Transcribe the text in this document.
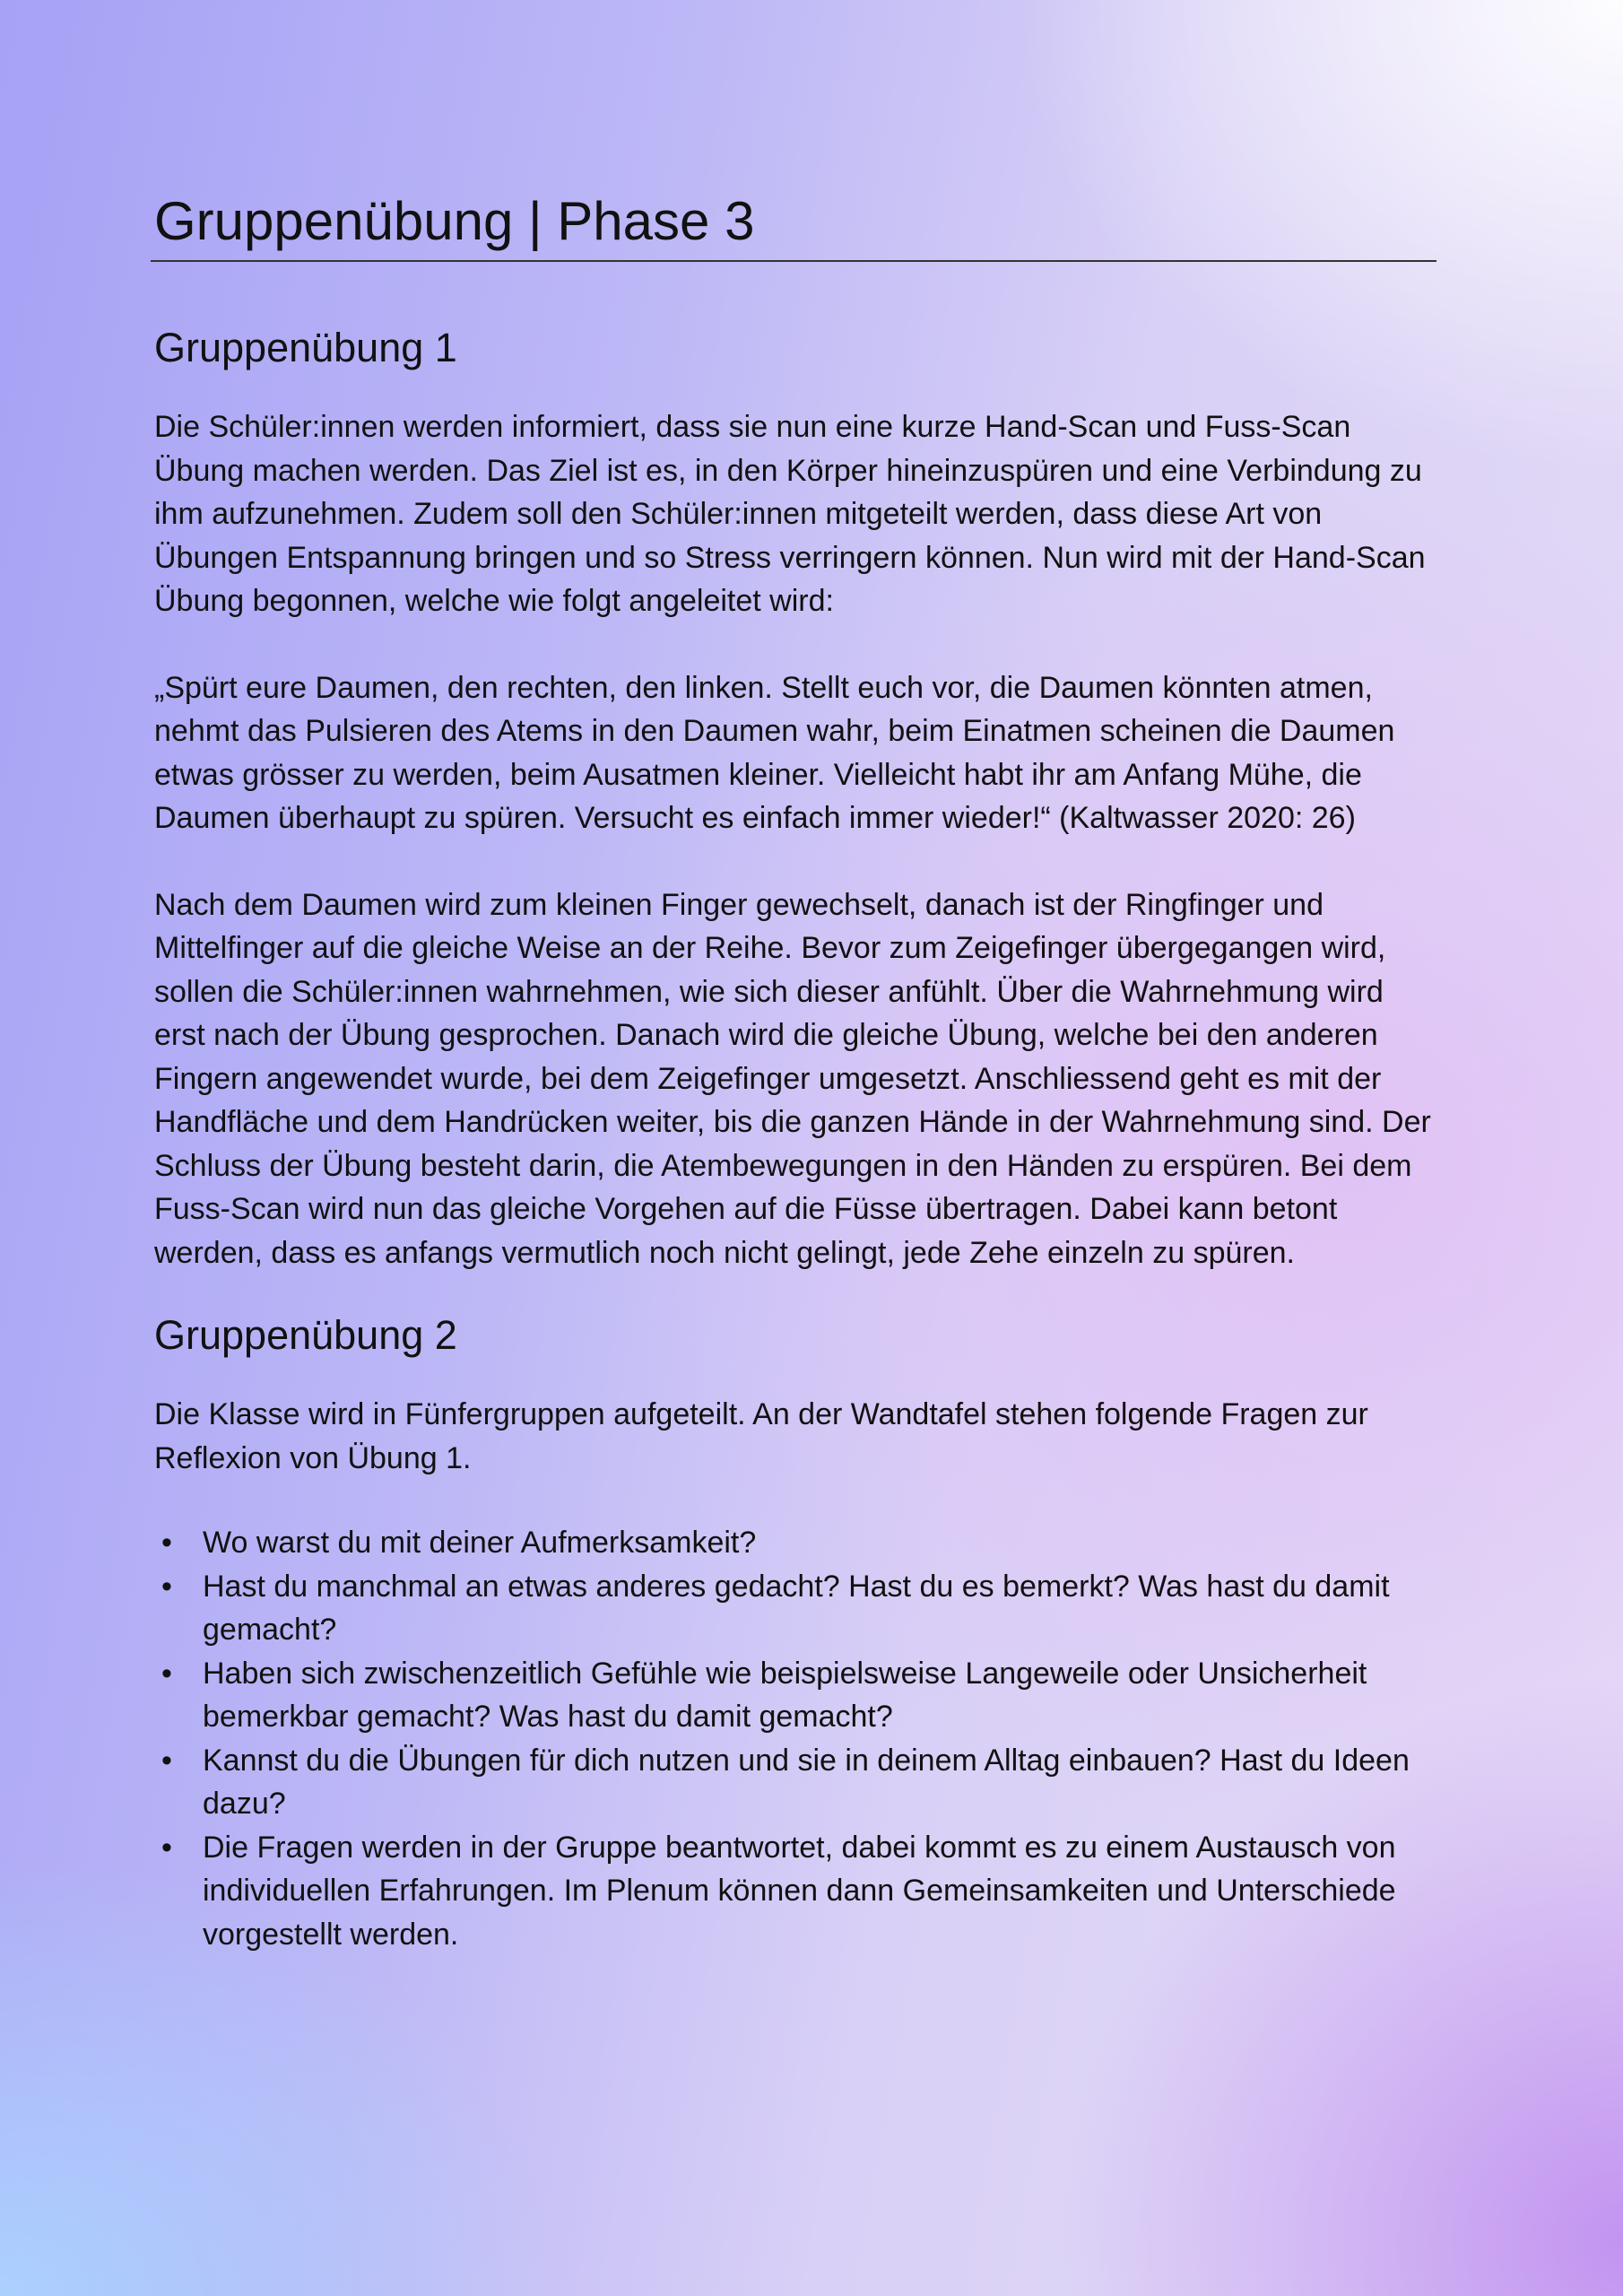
Gruppenübung | Phase 3
Gruppenübung 1

Die Schüler:innen werden informiert, dass sie nun eine kurze Hand-Scan und Fuss-Scan Übung machen werden. Das Ziel ist es, in den Körper hineinzuspüren und eine Verbindung zu ihm aufzunehmen. Zudem soll den Schüler:innen mitgeteilt werden, dass diese Art von Übungen Entspannung bringen und so Stress verringern können. Nun wird mit der Hand-Scan Übung begonnen, welche wie folgt angeleitet wird:

„Spürt eure Daumen, den rechten, den linken. Stellt euch vor, die Daumen könnten atmen, nehmt das Pulsieren des Atems in den Daumen wahr, beim Einatmen scheinen die Daumen etwas grösser zu werden, beim Ausatmen kleiner. Vielleicht habt ihr am Anfang Mühe, die Daumen überhaupt zu spüren. Versucht es einfach immer wieder!“ (Kaltwasser 2020: 26)

Nach dem Daumen wird zum kleinen Finger gewechselt, danach ist der Ringfinger und Mittelfinger auf die gleiche Weise an der Reihe. Bevor zum Zeigefinger übergegangen wird, sollen die Schüler:innen wahrnehmen, wie sich dieser anfühlt. Über die Wahrnehmung wird erst nach der Übung gesprochen. Danach wird die gleiche Übung, welche bei den anderen Fingern angewendet wurde, bei dem Zeigefinger umgesetzt. Anschliessend geht es mit der Handfläche und dem Handrücken weiter, bis die ganzen Hände in der Wahrnehmung sind. Der Schluss der Übung besteht darin, die Atembewegungen in den Händen zu erspüren. Bei dem Fuss-Scan wird nun das gleiche Vorgehen auf die Füsse übertragen. Dabei kann betont werden, dass es anfangs vermutlich noch nicht gelingt, jede Zehe einzeln zu spüren.

Gruppenübung 2

Die Klasse wird in Fünfergruppen aufgeteilt. An der Wandtafel stehen folgende Fragen zur Reflexion von Übung 1.

• Wo warst du mit deiner Aufmerksamkeit?
• Hast du manchmal an etwas anderes gedacht? Hast du es bemerkt? Was hast du damit gemacht?
• Haben sich zwischenzeitlich Gefühle wie beispielsweise Langeweile oder Unsicherheit bemerkbar gemacht? Was hast du damit gemacht?
• Kannst du die Übungen für dich nutzen und sie in deinem Alltag einbauen? Hast du Ideen dazu?
• Die Fragen werden in der Gruppe beantwortet, dabei kommt es zu einem Austausch von individuellen Erfahrungen. Im Plenum können dann Gemeinsamkeiten und Unterschiede vorgestellt werden.
